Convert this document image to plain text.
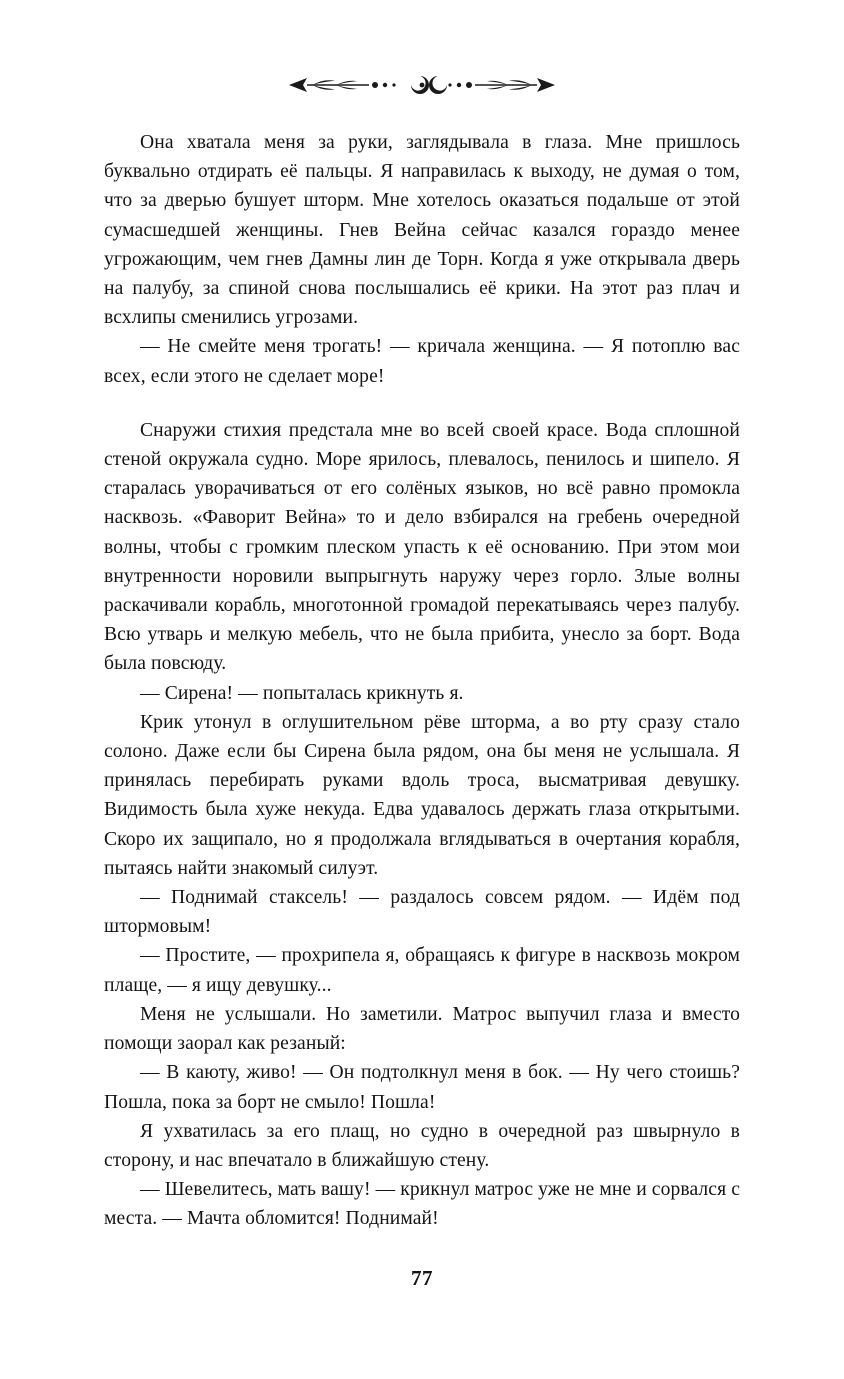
Она хватала меня за руки, заглядывала в глаза. Мне пришлось буквально отдирать её пальцы. Я направилась к выходу, не думая о том, что за дверью бушует шторм. Мне хотелось оказаться подальше от этой сумасшедшей женщины. Гнев Вейна сейчас казался гораздо менее угрожающим, чем гнев Дамны лин де Торн. Когда я уже открывала дверь на палубу, за спиной снова послышались её крики. На этот раз плач и всхлипы сменились угрозами.

— Не смейте меня трогать! — кричала женщина. — Я потоплю вас всех, если этого не сделает море!

Снаружи стихия предстала мне во всей своей красе. Вода сплошной стеной окружала судно. Море ярилось, плевалось, пенилось и шипело. Я старалась уворачиваться от его солёных языков, но всё равно промокла насквозь. «Фаворит Вейна» то и дело взбирался на гребень очередной волны, чтобы с громким плеском упасть к её основанию. При этом мои внутренности норовили выпрыгнуть наружу через горло. Злые волны раскачивали корабль, многотонной громадой перекатываясь через палубу. Всю утварь и мелкую мебель, что не была прибита, унесло за борт. Вода была повсюду.

— Сирена! — попыталась крикнуть я.

Крик утонул в оглушительном рёве шторма, а во рту сразу стало солоно. Даже если бы Сирена была рядом, она бы меня не услышала. Я принялась перебирать руками вдоль троса, высматривая девушку. Видимость была хуже некуда. Едва удавалось держать глаза открытыми. Скоро их защипало, но я продолжала вглядываться в очертания корабля, пытаясь найти знакомый силуэт.

— Поднимай стаксель! — раздалось совсем рядом. — Идём под штормовым!

— Простите, — прохрипела я, обращаясь к фигуре в насквозь мокром плаще, — я ищу девушку...

Меня не услышали. Но заметили. Матрос выпучил глаза и вместо помощи заорал как резаный:

— В каюту, живо! — Он подтолкнул меня в бок. — Ну чего стоишь? Пошла, пока за борт не смыло! Пошла!

Я ухватилась за его плащ, но судно в очередной раз швырнуло в сторону, и нас впечатало в ближайшую стену.

— Шевелитесь, мать вашу! — крикнул матрос уже не мне и сорвался с места. — Мачта обломится! Поднимай!

77
